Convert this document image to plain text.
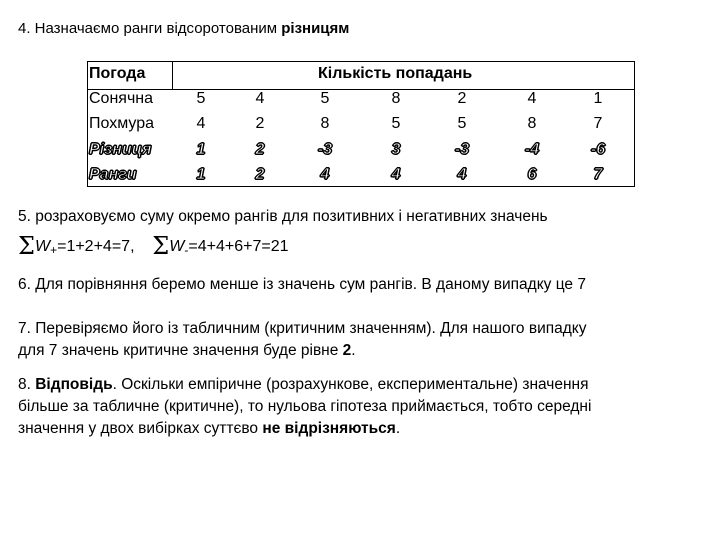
4. Назначаємо ранги відсоротованим різницям
Погода	Кількість попадань
Сонячна	5	4	5	8	2	4	1
Похмура	4	2	8	5	5	8	7
Різниця	1	2	-3	3	-3	-4	-6
Ранги	1	2	4	4	4	6	7
5. розраховуємо суму окремо рангів для позитивних і негативних значень
$\Sigma W_+=1+2+4=7$, $\Sigma W_-=4+4+6+7=21$
6. Для порівняння беремо менше із значень сум рангів. В даному випадку це 7
7. Перевіряємо його із табличним (критичним значенням). Для нашого випадку
для 7 значень критичне значення буде рівне 2.
8. Відповідь. Оскільки емпіричне (розрахункове, експериментальне) значення
більше за табличне (критичне), то нульова гіпотеза приймається, тобто середні
значення у двох вибірках суттєво не відрізняються.
